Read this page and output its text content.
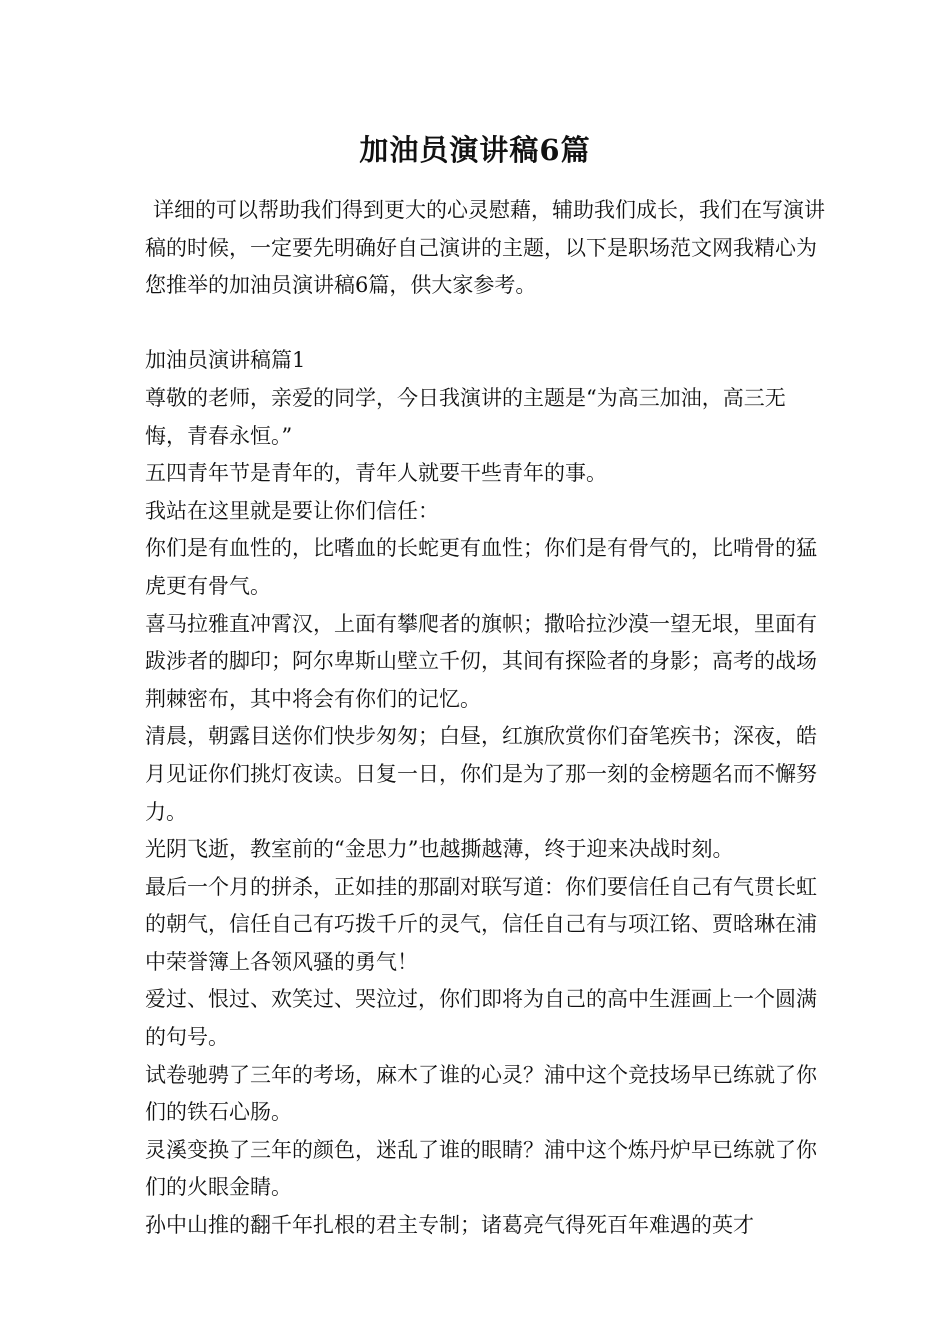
加油员演讲稿6篇

详细的可以帮助我们得到更大的心灵慰藉，辅助我们成长，我们在写演讲稿的时候，一定要先明确好自己演讲的主题，以下是职场范文网我精心为您推举的加油员演讲稿6篇，供大家参考。

加油员演讲稿篇1

尊敬的老师，亲爱的同学，今日我演讲的主题是“为高三加油，高三无悔，青春永恒。”

五四青年节是青年的，青年人就要干些青年的事。

我站在这里就是要让你们信任：

你们是有血性的，比嗜血的长蛇更有血性；你们是有骨气的，比啃骨的猛虎更有骨气。

喜马拉雅直冲霄汉，上面有攀爬者的旗帜；撒哈拉沙漠一望无垠，里面有跋涉者的脚印；阿尔卑斯山壁立千仞，其间有探险者的身影；高考的战场荆棘密布，其中将会有你们的记忆。

清晨，朝露目送你们快步匆匆；白昼，红旗欣赏你们奋笔疾书；深夜，皓月见证你们挑灯夜读。日复一日，你们是为了那一刻的金榜题名而不懈努力。

光阴飞逝，教室前的“金思力”也越撕越薄，终于迎来决战时刻。

最后一个月的拼杀，正如挂的那副对联写道：你们要信任自己有气贯长虹的朝气，信任自己有巧拨千斤的灵气，信任自己有与项江铭、贾晗琳在浦中荣誉簿上各领风骚的勇气！

爱过、恨过、欢笑过、哭泣过，你们即将为自己的高中生涯画上一个圆满的句号。

试卷驰骋了三年的考场，麻木了谁的心灵？浦中这个竞技场早已练就了你们的铁石心肠。

灵溪变换了三年的颜色，迷乱了谁的眼睛？浦中这个炼丹炉早已练就了你们的火眼金睛。

孙中山推的翻千年扎根的君主专制；诸葛亮气得死百年难遇的英才
